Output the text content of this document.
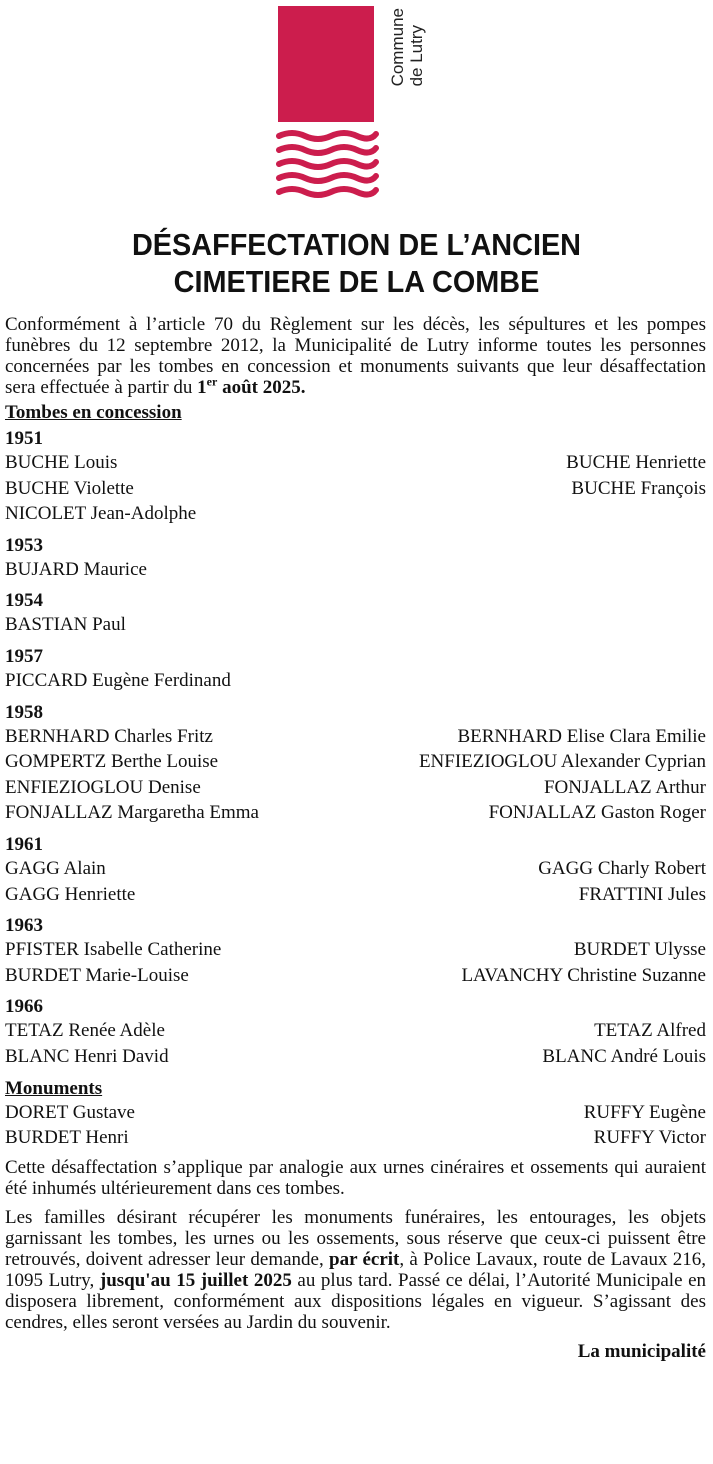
Commune de Lutry
DÉSAFFECTATION DE L’ANCIEN
CIMETIERE DE LA COMBE

Conformément à l’article 70 du Règlement sur les décès, les sépultures et les pompes funèbres du 12 septembre 2012, la Municipalité de Lutry informe toutes les personnes concernées par les tombes en concession et monuments suivants que leur désaffectation sera effectuée à partir du 1er août 2025.

Tombes en concession
1951
BUCHE Louis	BUCHE Henriette
BUCHE Violette	BUCHE François
NICOLET Jean-Adolphe
1953
BUJARD Maurice
1954
BASTIAN Paul
1957
PICCARD Eugène Ferdinand
1958
BERNHARD Charles Fritz	BERNHARD Elise Clara Emilie
GOMPERTZ Berthe Louise	ENFIEZIOGLOU Alexander Cyprian
ENFIEZIOGLOU Denise	FONJALLAZ Arthur
FONJALLAZ Margaretha Emma	FONJALLAZ Gaston Roger
1961
GAGG Alain	GAGG Charly Robert
GAGG Henriette	FRATTINI Jules
1963
PFISTER Isabelle Catherine	BURDET Ulysse
BURDET Marie-Louise	LAVANCHY Christine Suzanne
1966
TETAZ Renée Adèle	TETAZ Alfred
BLANC Henri David	BLANC André Louis
Monuments
DORET Gustave	RUFFY Eugène
BURDET Henri	RUFFY Victor

Cette désaffectation s’applique par analogie aux urnes cinéraires et ossements qui auraient été inhumés ultérieurement dans ces tombes.

Les familles désirant récupérer les monuments funéraires, les entourages, les objets garnissant les tombes, les urnes ou les ossements, sous réserve que ceux-ci puissent être retrouvés, doivent adresser leur demande, par écrit, à Police Lavaux, route de Lavaux 216, 1095 Lutry, jusqu'au 15 juillet 2025 au plus tard. Passé ce délai, l’Autorité Municipale en disposera librement, conformément aux dispositions légales en vigueur. S’agissant des cendres, elles seront versées au Jardin du souvenir.

La municipalité
